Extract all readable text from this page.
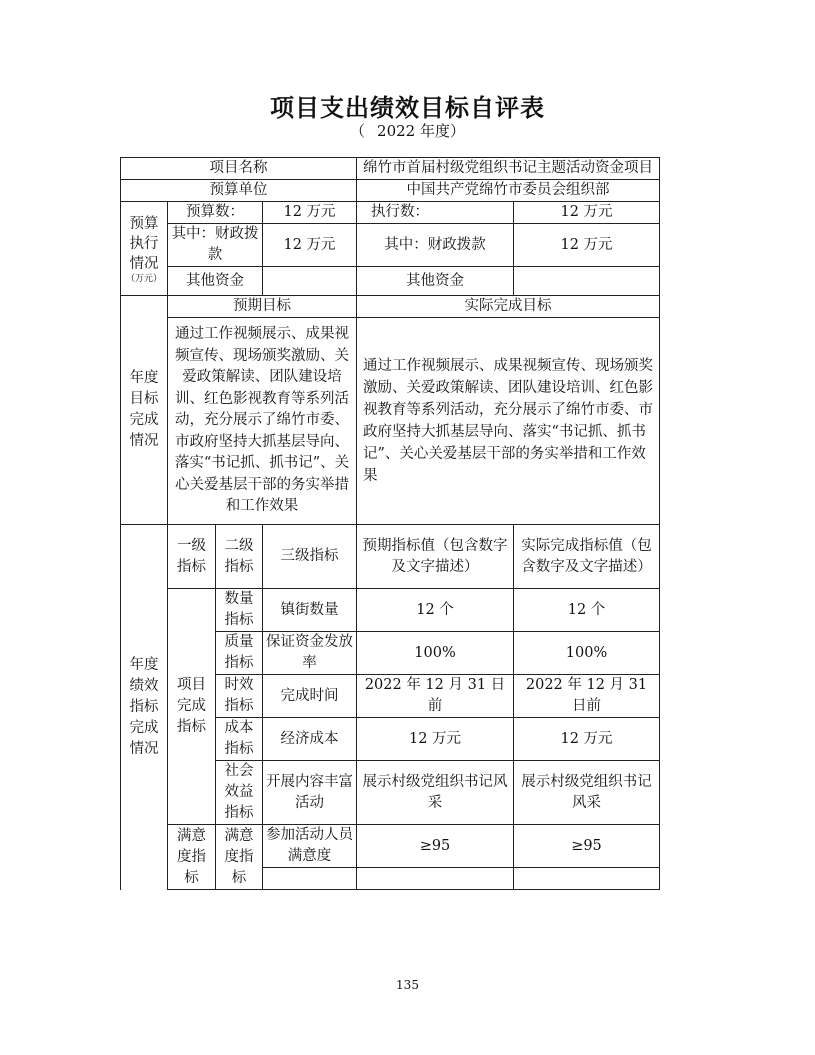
项目支出绩效目标自评表
（ 2022 年度）
项目名称				绵竹市首届村级党组织书记主题活动资金项目	
预算单位				中国共产党绵竹市委员会组织部	

预算执行情况
（万元）	预算数：		12 万元	执行数：	12 万元
	其中：财政拨款		12 万元	其中：财政拨款	12 万元
	其他资金			其他资金	
年度目标完成情况	预期目标			实际完成目标	
	通过工作视频展示、成果视频宣传、现场颁奖激励、关爱政策解读、团队建设培训、红色影视教育等系列活动，充分展示了绵竹市委、市政府坚持大抓基层导向、落实“书记抓、抓书记”、关心关爱基层干部的务实举措和工作效果			通过工作视频展示、成果视频宣传、现场颁奖激励、关爱政策解读、团队建设培训、红色影视教育等系列活动，充分展示了绵竹市委、市政府坚持大抓基层导向、落实“书记抓、抓书记”、关心关爱基层干部的务实举措和工作效果	
年度绩效指标完成情况	一级指标	二级指标	三级指标	预期指标值（包含数字及文字描述）	实际完成指标值（包含数字及文字描述）
	项目完成指标	数量指标	镇街数量	12 个	12 个
		质量指标	保证资金发放率	100%	100%
		时效指标	完成时间	2022 年 12 月 31 日前	2022 年 12 月 31 日前
		成本指标	经济成本	12 万元	12 万元
		社会效益指标	开展内容丰富活动	展示村级党组织书记风采	展示村级党组织书记风采
	满意度指标	满意度指标	参加活动人员满意度	≥95	≥95

135
